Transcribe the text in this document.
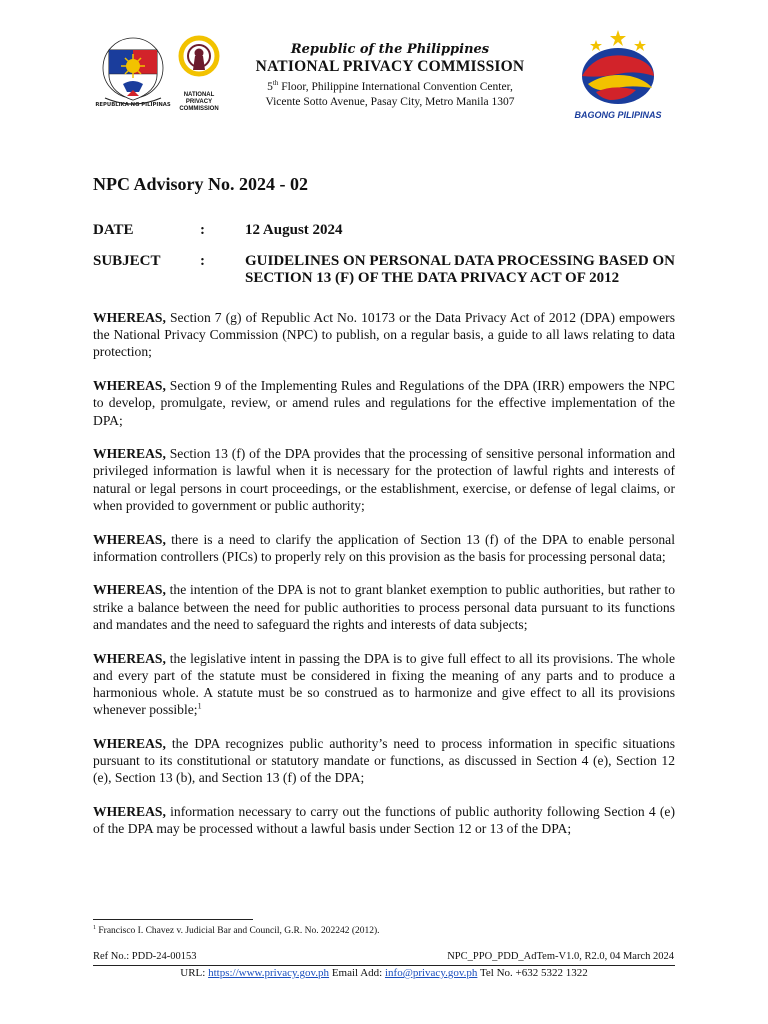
REPUBLIKA NG PILIPINAS
NATIONAL
PRIVACY
COMMISSION
Republic of the Philippines
NATIONAL PRIVACY COMMISSION
5th Floor, Philippine International Convention Center,
Vicente Sotto Avenue, Pasay City, Metro Manila 1307
BAGONG PILIPINAS
NPC Advisory No. 2024 - 02
DATE	:	12 August 2024
SUBJECT	:	GUIDELINES ON PERSONAL DATA PROCESSING BASED ON SECTION 13 (F) OF THE DATA PRIVACY ACT OF 2012

WHEREAS, Section 7 (g) of Republic Act No. 10173 or the Data Privacy Act of 2012 (DPA) empowers the National Privacy Commission (NPC) to publish, on a regular basis, a guide to all laws relating to data protection;

WHEREAS, Section 9 of the Implementing Rules and Regulations of the DPA (IRR) empowers the NPC to develop, promulgate, review, or amend rules and regulations for the effective implementation of the DPA;

WHEREAS, Section 13 (f) of the DPA provides that the processing of sensitive personal information and privileged information is lawful when it is necessary for the protection of lawful rights and interests of natural or legal persons in court proceedings, or the establishment, exercise, or defense of legal claims, or when provided to government or public authority;

WHEREAS, there is a need to clarify the application of Section 13 (f) of the DPA to enable personal information controllers (PICs) to properly rely on this provision as the basis for processing personal data;

WHEREAS, the intention of the DPA is not to grant blanket exemption to public authorities, but rather to strike a balance between the need for public authorities to process personal data pursuant to its functions and mandates and the need to safeguard the rights and interests of data subjects;

WHEREAS, the legislative intent in passing the DPA is to give full effect to all its provisions. The whole and every part of the statute must be considered in fixing the meaning of any parts and to produce a harmonious whole. A statute must be so construed as to harmonize and give effect to all its provisions whenever possible;$^1$

WHEREAS, the DPA recognizes public authority’s need to process information in specific situations pursuant to its constitutional or statutory mandate or functions, as discussed in Section 4 (e), Section 12 (e), Section 13 (b), and Section 13 (f) of the DPA;

WHEREAS, information necessary to carry out the functions of public authority following Section 4 (e) of the DPA may be processed without a lawful basis under Section 12 or 13 of the DPA;

$^1$ Francisco I. Chavez v. Judicial Bar and Council, G.R. No. 202242 (2012).
Ref No.: PDD-24-00153	NPC_PPO_PDD_AdTem-V1.0, R2.0, 04 March 2024
URL: https://www.privacy.gov.ph Email Add: info@privacy.gov.ph Tel No. +632 5322 1322
